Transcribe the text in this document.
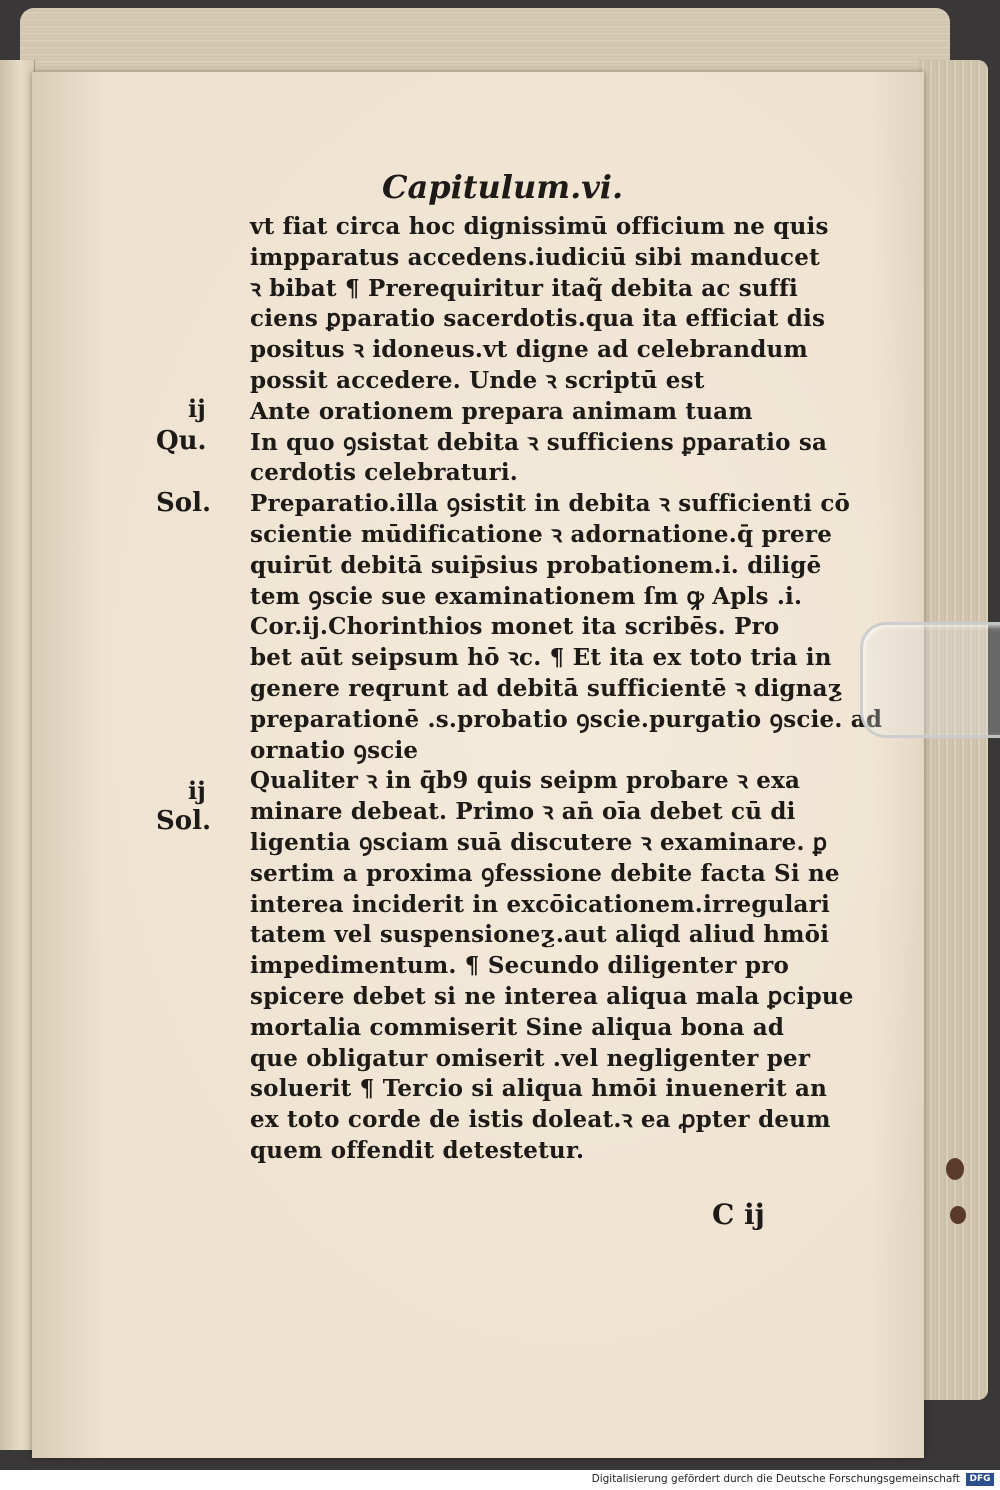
Capitulum.vi.
vt fiat circa hoc dignissimū officium ne quis
impparatus accedens.iudiciū sibi manducet
ꝛ bibat ¶ Prerequiritur itaq̃ debita ac suffi
ciens ꝑparatio sacerdotis.qua ita efficiat dis
positus ꝛ idoneus.vt digne ad celebrandum
possit accedere. Unde ꝛ scriptū est
Ante orationem prepara animam tuam
In quo ꝯsistat debita ꝛ sufficiens ꝑparatio sa
cerdotis celebraturi.
Preparatio.illa ꝯsistit in debita ꝛ sufficienti cō
scientie mūdificatione ꝛ adornatione.q̄ prere
quirūt debitā suip̄sius probationem.i. diligē
tem ꝯscie sue examinationem ſm ꝙ Apls .i.
Cor.ij.Chorinthios monet ita scribēs. Pro
bet aūt seipsum hō ꝛc. ¶ Et ita ex toto tria in
genere reqrunt ad debitā sufficientē ꝛ dignaƺ
preparationē .s.probatio ꝯscie.purgatio ꝯscie. ad
ornatio ꝯscie
Qualiter ꝛ in q̄b9 quis seipm probare ꝛ exa
minare debeat. Primo ꝛ an̄ oīa debet cū di
ligentia ꝯsciam suā discutere ꝛ examinare. ꝑ
sertim a proxima ꝯfessione debite facta Si ne
interea inciderit in excōicationem.irregulari
tatem vel suspensioneƺ.aut aliqd aliud hmōi
impedimentum. ¶ Secundo diligenter pro
spicere debet si ne interea aliqua mala ꝑcipue
mortalia commiserit Sine aliqua bona ad
que obligatur omiserit .vel negligenter per
soluerit ¶ Tercio si aliqua hmōi inuenerit an
ex toto corde de istis doleat.ꝛ ea ꝓpter deum
quem offendit detestetur.
ij
Qu.
Sol.
ij
Sol.
C ij
Digitalisierung gefördert durch die Deutsche Forschungsgemeinschaft	DFG
